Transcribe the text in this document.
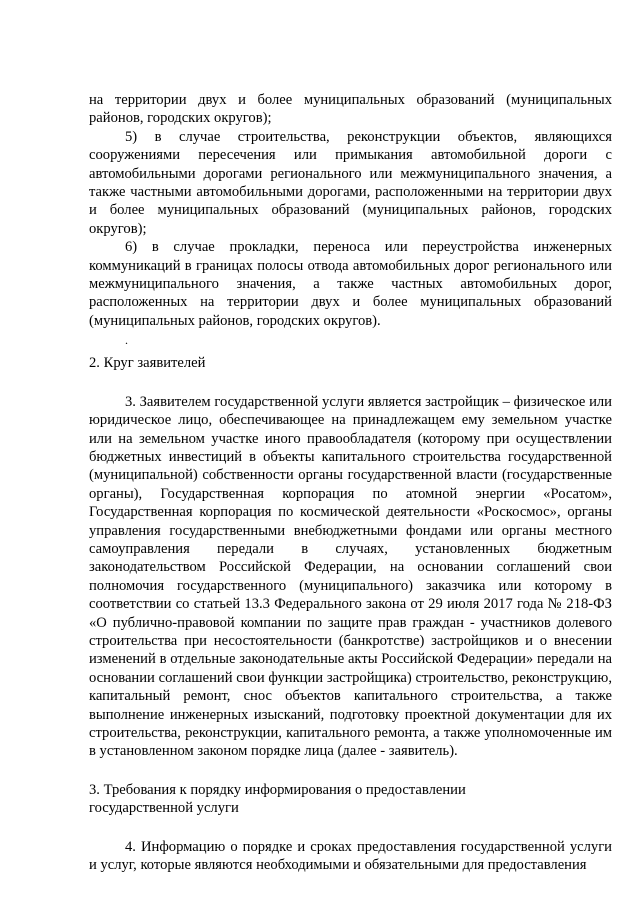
на территории двух и более муниципальных образований (муниципальных районов, городских округов);

5) в случае строительства, реконструкции объектов, являющихся сооружениями пересечения или примыкания автомобильной дороги с автомобильными дорогами регионального или межмуниципального значения, а также частными автомобильными дорогами, расположенными на территории двух и более муниципальных образований (муниципальных районов, городских округов);

6) в случае прокладки, переноса или переустройства инженерных коммуникаций в границах полосы отвода автомобильных дорог регионального или межмуниципального значения, а также частных автомобильных дорог, расположенных на территории двух и более муниципальных образований (муниципальных районов, городских округов).

.

2. Круг заявителей

3. Заявителем государственной услуги является застройщик – физическое или юридическое лицо, обеспечивающее на принадлежащем ему земельном участке или на земельном участке иного правообладателя (которому при осуществлении бюджетных инвестиций в объекты капитального строительства государственной (муниципальной) собственности органы государственной власти (государственные органы), Государственная корпорация по атомной энергии «Росатом», Государственная корпорация по космической деятельности «Роскосмос», органы управления государственными внебюджетными фондами или органы местного самоуправления передали в случаях, установленных бюджетным законодательством Российской Федерации, на основании соглашений свои полномочия государственного (муниципального) заказчика или которому в соответствии со статьей 13.3 Федерального закона от 29 июля 2017 года № 218-ФЗ «О публично-правовой компании по защите прав граждан - участников долевого строительства при несостоятельности (банкротстве) застройщиков и о внесении изменений в отдельные законодательные акты Российской Федерации» передали на основании соглашений свои функции застройщика) строительство, реконструкцию, капитальный ремонт, снос объектов капитального строительства, а также выполнение инженерных изысканий, подготовку проектной документации для их строительства, реконструкции, капитального ремонта, а также уполномоченные им в установленном законом порядке лица (далее - заявитель).

3. Требования к порядку информирования о предоставлении

государственной услуги

4. Информацию о порядке и сроках предоставления государственной услуги и услуг, которые являются необходимыми и обязательными для предоставления
